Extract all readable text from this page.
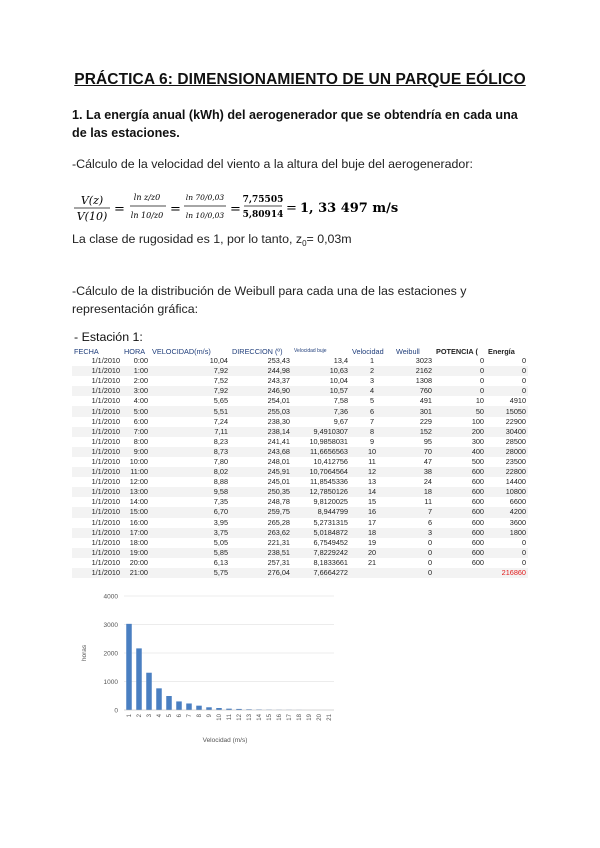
PRÁCTICA 6: DIMENSIONAMIENTO DE UN PARQUE EÓLICO
1. La energía anual (kWh) del aerogenerador que se obtendría en cada una de las estaciones.
-Cálculo de la velocidad del viento a la altura del buje del aerogenerador:
V(z)
V(10) =
ln z/z0
ln 10/z0 =
ln 70/0,03
ln 10/0,03 =
7,75505
5,80914 = 1, 33 497 m/s
La clase de rugosidad es 1, por lo tanto, $z_0= 0,03m$
-Cálculo de la distribución de Weibull para cada una de las estaciones y representación gráfica:
- Estación 1:
FECHA	HORA	VELOCIDAD(m/s)	DIRECCION (º)	Velocidad buje	Velocidad	Weibull	POTENCIA (	Energía
1/1/2010	0:00	10,04	253,43	13,4	1	3023	0	0
1/1/2010	1:00	7,92	244,98	10,63	2	2162	0	0
1/1/2010	2:00	7,52	243,37	10,04	3	1308	0	0
1/1/2010	3:00	7,92	246,90	10,57	4	760	0	0
1/1/2010	4:00	5,65	254,01	7,58	5	491	10	4910
1/1/2010	5:00	5,51	255,03	7,36	6	301	50	15050
1/1/2010	6:00	7,24	238,30	9,67	7	229	100	22900
1/1/2010	7:00	7,11	238,14	9,4910307	8	152	200	30400
1/1/2010	8:00	8,23	241,41	10,9858031	9	95	300	28500
1/1/2010	9:00	8,73	243,68	11,6656563	10	70	400	28000
1/1/2010	10:00	7,80	248,01	10,412756	11	47	500	23500
1/1/2010	11:00	8,02	245,91	10,7064564	12	38	600	22800
1/1/2010	12:00	8,88	245,01	11,8545336	13	24	600	14400
1/1/2010	13:00	9,58	250,35	12,7850126	14	18	600	10800
1/1/2010	14:00	7,35	248,78	9,8120025	15	11	600	6600
1/1/2010	15:00	6,70	259,75	8,944799	16	7	600	4200
1/1/2010	16:00	3,95	265,28	5,2731315	17	6	600	3600
1/1/2010	17:00	3,75	263,62	5,0184872	18	3	600	1800
1/1/2010	18:00	5,05	221,31	6,7549452	19	0	600	0
1/1/2010	19:00	5,85	238,51	7,8229242	20	0	600	0
1/1/2010	20:00	6,13	257,31	8,1833661	21	0	600	0
1/1/2010	21:00	5,75	276,04	7,6664272		0		216860
0
1000
2000
3000
4000
1 2 3 4 5 6 7 8 9 10 11 12 13 14 15 16 17 18 19 20 21
horas
Velocidad (m/s)
